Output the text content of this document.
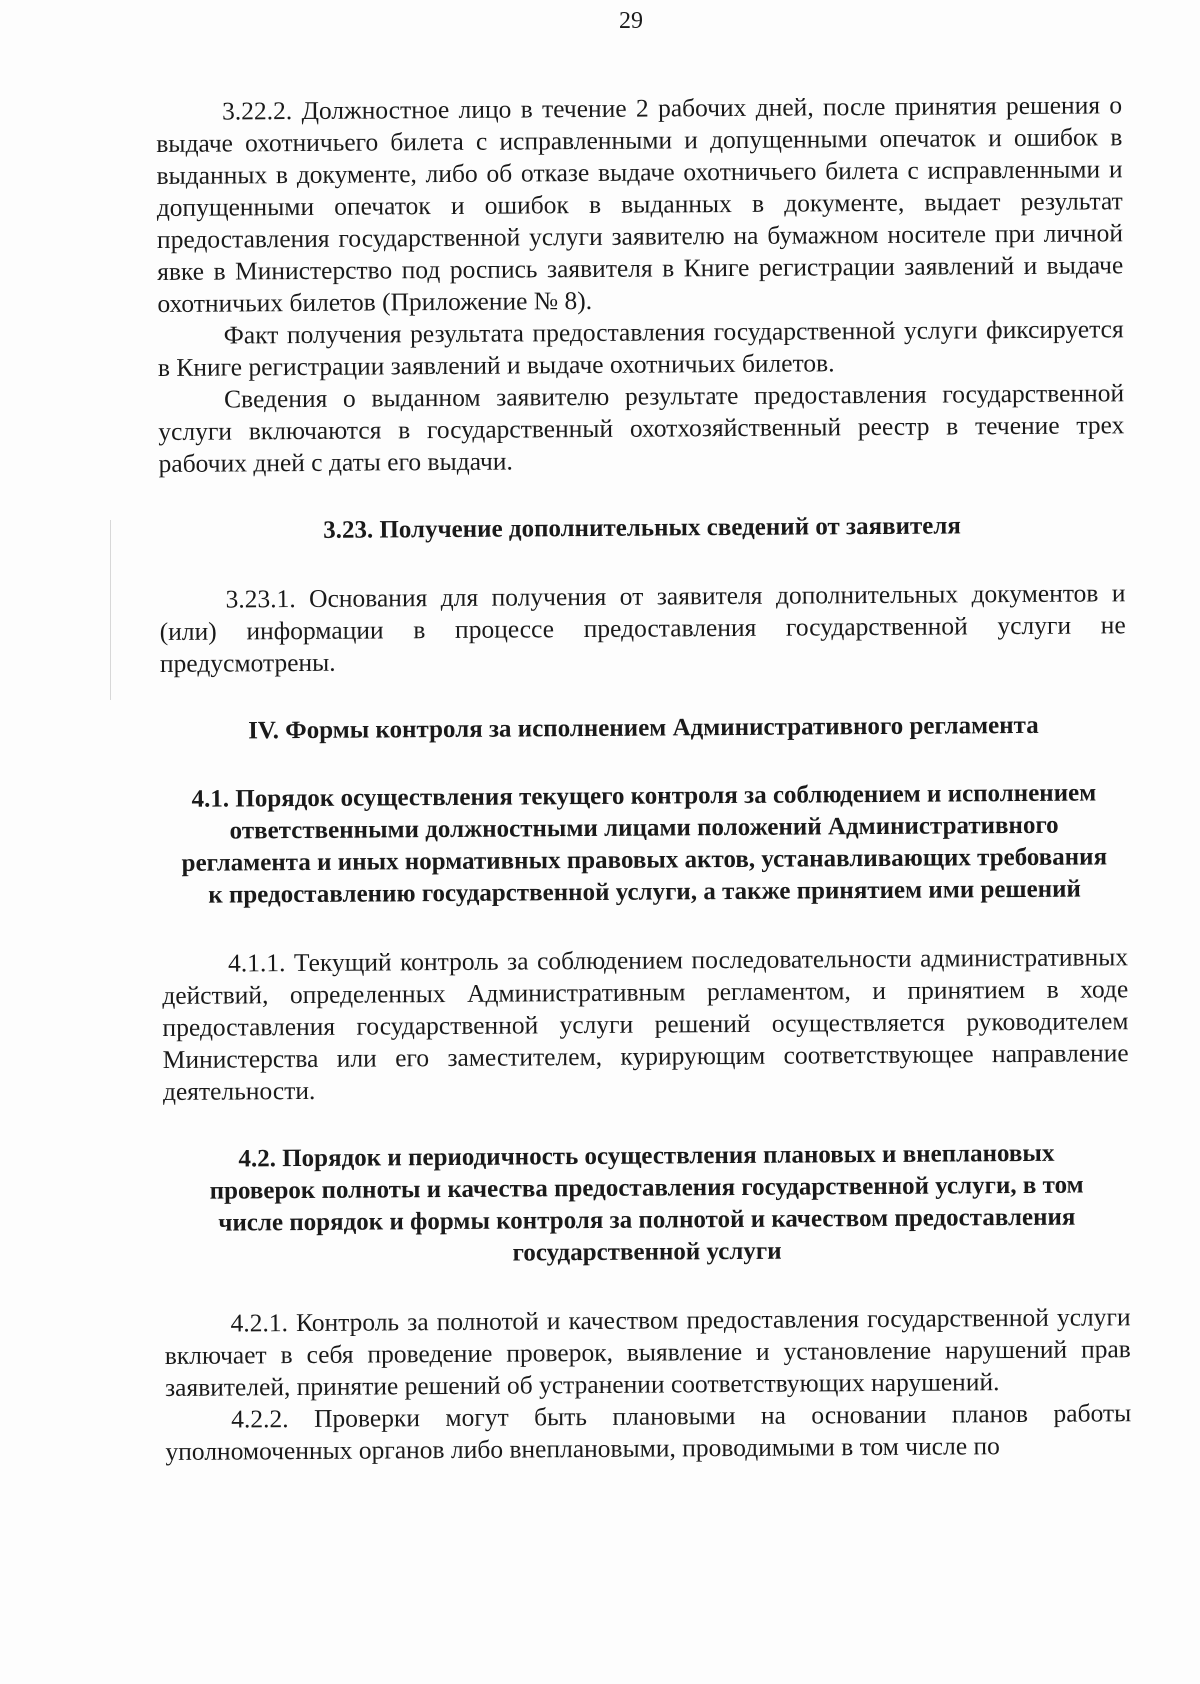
29

3.22.2. Должностное лицо в течение 2 рабочих дней, после принятия решения о выдаче охотничьего билета с исправленными и допущенными опечаток и ошибок в выданных в документе, либо об отказе выдаче охотничьего билета с исправленными и допущенными опечаток и ошибок в выданных в документе, выдает результат предоставления государственной услуги заявителю на бумажном носителе при личной явке в Министерство под роспись заявителя в Книге регистрации заявлений и выдаче охотничьих билетов (Приложение № 8).

Факт получения результата предоставления государственной услуги фиксируется в Книге регистрации заявлений и выдаче охотничьих билетов.

Сведения о выданном заявителю результате предоставления государственной услуги включаются в государственный охотхозяйственный реестр в течение трех рабочих дней с даты его выдачи.

3.23. Получение дополнительных сведений от заявителя

3.23.1. Основания для получения от заявителя дополнительных документов и (или) информации в процессе предоставления государственной услуги не предусмотрены.

IV. Формы контроля за исполнением Административного регламента
4.1. Порядок осуществления текущего контроля за соблюдением и исполнением ответственными должностными лицами положений Административного регламента и иных нормативных правовых актов, устанавливающих требования к предоставлению государственной услуги, а также принятием ими решений

4.1.1. Текущий контроль за соблюдением последовательности административных действий, определенных Административным регламентом, и принятием в ходе предоставления государственной услуги решений осуществляется руководителем Министерства или его заместителем, курирующим соответствующее направление деятельности.

4.2. Порядок и периодичность осуществления плановых и внеплановых проверок полноты и качества предоставления государственной услуги, в том числе порядок и формы контроля за полнотой и качеством предоставления государственной услуги

4.2.1. Контроль за полнотой и качеством предоставления государственной услуги включает в себя проведение проверок, выявление и установление нарушений прав заявителей, принятие решений об устранении соответствующих нарушений.

4.2.2. Проверки могут быть плановыми на основании планов работы уполномоченных органов либо внеплановыми, проводимыми в том числе по
